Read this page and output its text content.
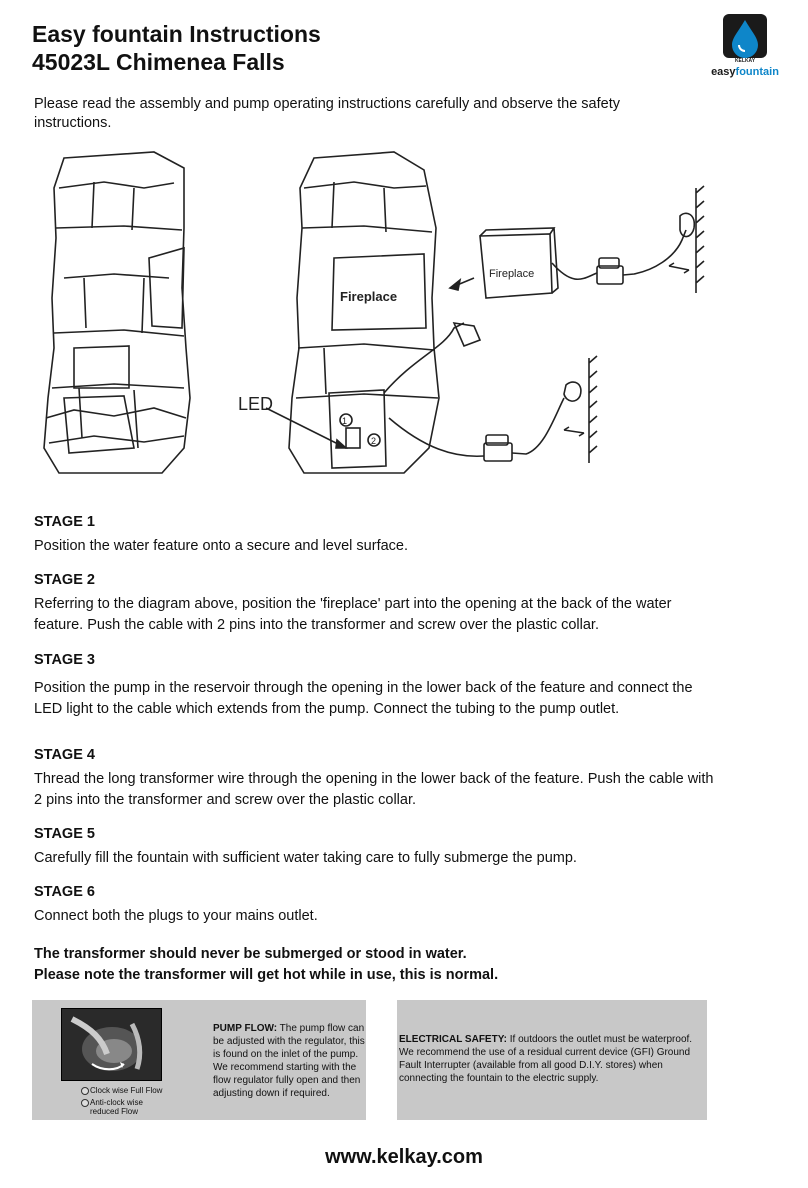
Easy fountain Instructions
45023L Chimenea Falls	KELKAY
easyfountain
Please read the assembly and pump operating instructions carefully and observe the safety instructions.
Fireplace
Fireplace
LED
1
2
STAGE 1

Position the water feature onto a secure and level surface.

STAGE 2

Referring to the diagram above, position the 'fireplace' part into the opening at the back of the water feature. Push the cable with 2 pins into the transformer and screw over the plastic collar.

STAGE 3

Position the pump in the reservoir through the opening in the lower back of the feature and connect the LED light to the cable which extends from the pump. Connect the tubing to the pump outlet.

STAGE 4

Thread the long transformer wire through the opening in the lower back of the feature. Push the cable with 2 pins into the transformer and screw over the plastic collar.

STAGE 5

Carefully fill the fountain with sufficient water taking care to fully submerge the pump.

STAGE 6

Connect both the plugs to your mains outlet.

The transformer should never be submerged or stood in water.
Please note the transformer will get hot while in use, this is normal.
Clock wise Full Flow
Anti-clock wise reduced Flow
PUMP FLOW: The pump flow can be adjusted with the regulator, this is found on the inlet of the pump. We recommend starting with the flow regulator fully open and then adjusting down if required.
ELECTRICAL SAFETY: If outdoors the outlet must be waterproof. We recommend the use of a residual current device (GFI) Ground Fault Interrupter (available from all good D.I.Y. stores) when connecting the fountain to the electric supply.
www.kelkay.com
